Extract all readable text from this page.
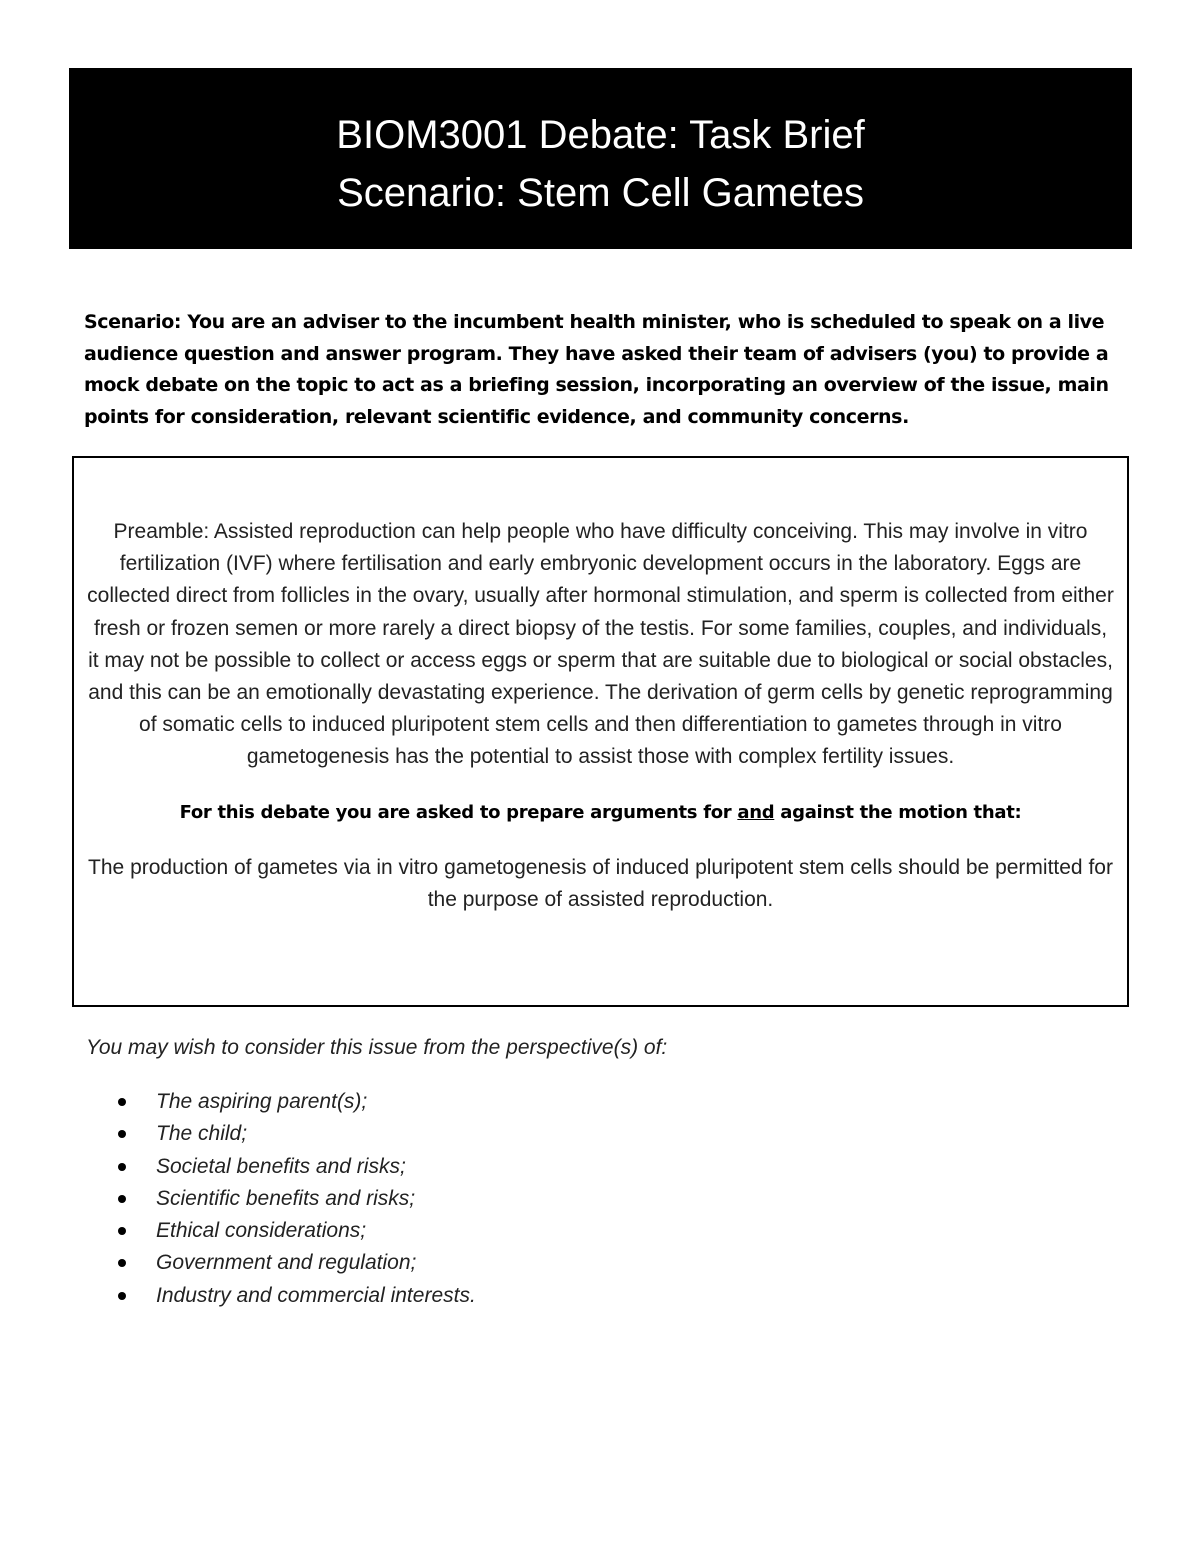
BIOM3001 Debate: Task Brief
Scenario: Stem Cell Gametes

Scenario: You are an adviser to the incumbent health minister, who is scheduled to speak on a live audience question and answer program. They have asked their team of advisers (you) to provide a mock debate on the topic to act as a briefing session, incorporating an overview of the issue, main points for consideration, relevant scientific evidence, and community concerns.

Preamble: Assisted reproduction can help people who have difficulty conceiving. This may involve in vitro fertilization (IVF) where fertilisation and early embryonic development occurs in the laboratory. Eggs are collected direct from follicles in the ovary, usually after hormonal stimulation, and sperm is collected from either fresh or frozen semen or more rarely a direct biopsy of the testis. For some families, couples, and individuals, it may not be possible to collect or access eggs or sperm that are suitable due to biological or social obstacles, and this can be an emotionally devastating experience. The derivation of germ cells by genetic reprogramming of somatic cells to induced pluripotent stem cells and then differentiation to gametes through in vitro gametogenesis has the potential to assist those with complex fertility issues.

For this debate you are asked to prepare arguments for and against the motion that:

The production of gametes via in vitro gametogenesis of induced pluripotent stem cells should be permitted for the purpose of assisted reproduction.

You may wish to consider this issue from the perspective(s) of:

The aspiring parent(s);
The child;
Societal benefits and risks;
Scientific benefits and risks;
Ethical considerations;
Government and regulation;
Industry and commercial interests.
